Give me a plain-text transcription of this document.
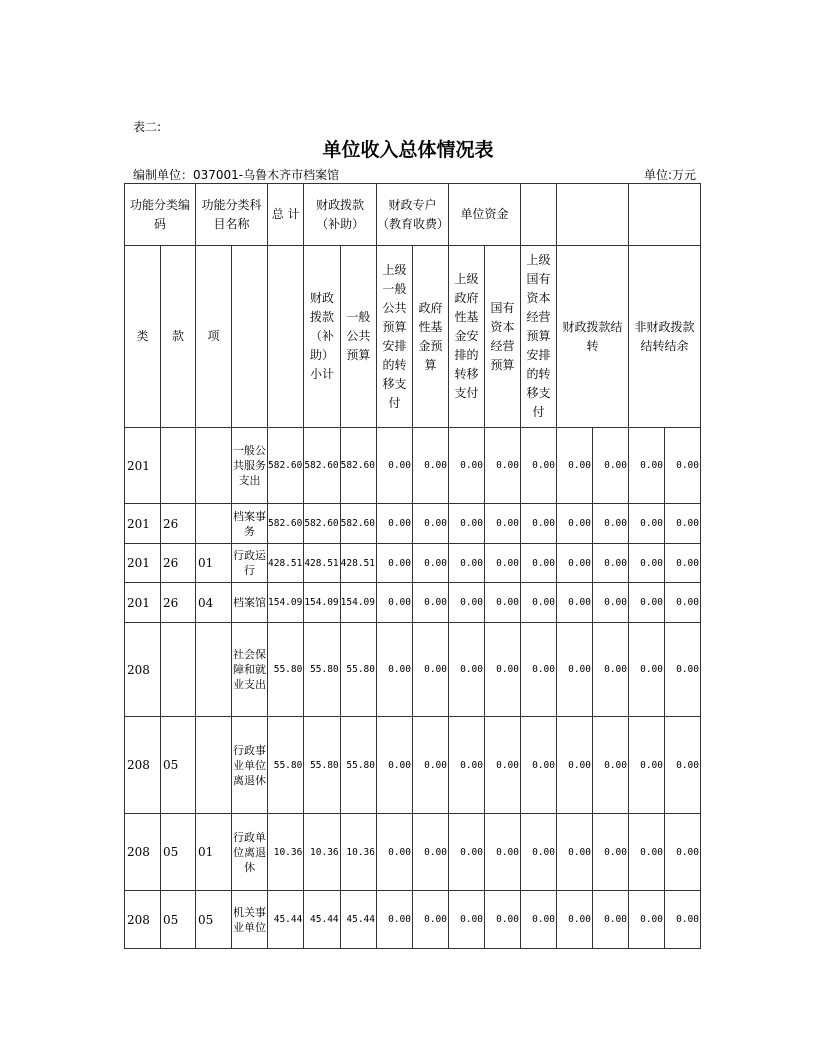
表二:
单位收入总体情况表
编制单位：037001-乌鲁木齐市档案馆	单位:万元
功能分类编码		功能分类科目名称		总 计	财政拨款（补助）		财政专户（教育收费）		单位资金						
类	款	项			财政拨款（补助）小计	一般公共预算	上级一般公共预算安排的转移支付	政府性基金预算	上级政府性基金安排的转移支付	国有资本经营预算	上级国有资本经营预算安排的转移支付	财政拨款结转		非财政拨款结转结余	
201			一般公共服务支出	582.60	582.60	582.60	0.00	0.00	0.00	0.00	0.00	0.00	0.00	0.00	0.00
201	26		档案事务	582.60	582.60	582.60	0.00	0.00	0.00	0.00	0.00	0.00	0.00	0.00	0.00
201	26	01	行政运行	428.51	428.51	428.51	0.00	0.00	0.00	0.00	0.00	0.00	0.00	0.00	0.00
201	26	04	档案馆	154.09	154.09	154.09	0.00	0.00	0.00	0.00	0.00	0.00	0.00	0.00	0.00
208			社会保障和就业支出	55.80	55.80	55.80	0.00	0.00	0.00	0.00	0.00	0.00	0.00	0.00	0.00
208	05		行政事业单位离退休	55.80	55.80	55.80	0.00	0.00	0.00	0.00	0.00	0.00	0.00	0.00	0.00
208	05	01	行政单位离退休	10.36	10.36	10.36	0.00	0.00	0.00	0.00	0.00	0.00	0.00	0.00	0.00
208	05	05	机关事业单位	45.44	45.44	45.44	0.00	0.00	0.00	0.00	0.00	0.00	0.00	0.00	0.00
